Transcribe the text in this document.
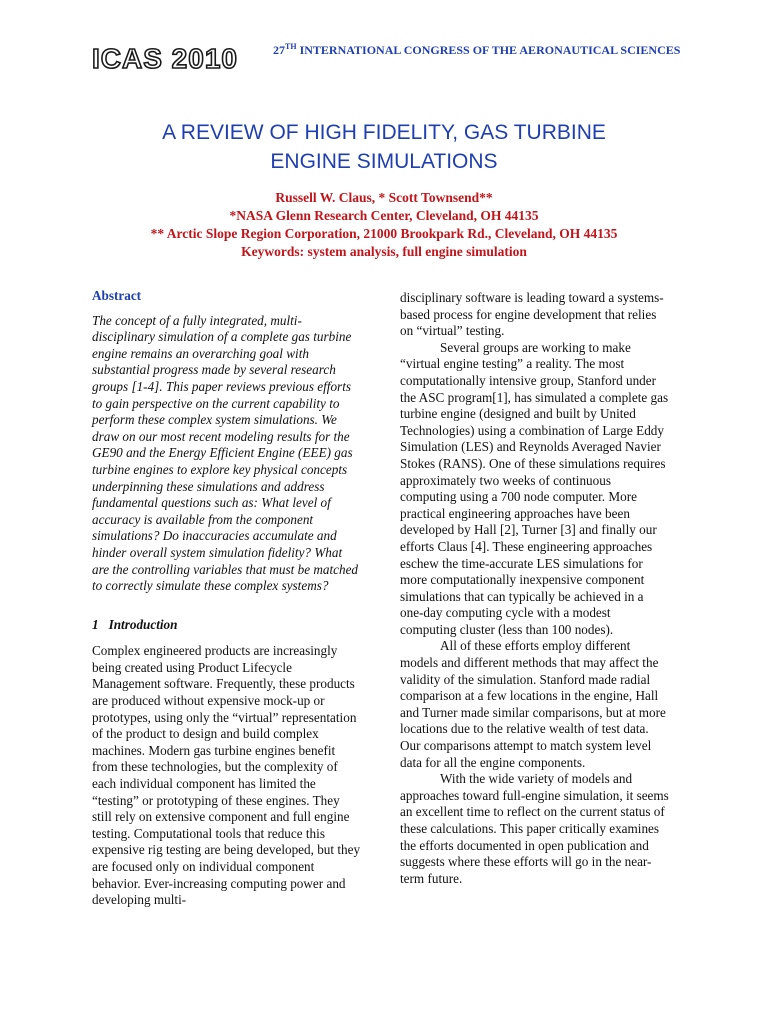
ICAS 2010	27TH INTERNATIONAL CONGRESS OF THE AERONAUTICAL SCIENCES
A REVIEW OF HIGH FIDELITY, GAS TURBINE
ENGINE SIMULATIONS
Russell W. Claus, * Scott Townsend**
*NASA Glenn Research Center, Cleveland, OH 44135
** Arctic Slope Region Corporation, 21000 Brookpark Rd., Cleveland, OH 44135
Keywords: system analysis, full engine simulation
Abstract

The concept of a fully integrated, multi-disciplinary simulation of a complete gas turbine engine remains an overarching goal with substantial progress made by several research groups [1-4]. This paper reviews previous efforts to gain perspective on the current capability to perform these complex system simulations. We draw on our most recent modeling results for the GE90 and the Energy Efficient Engine (EEE) gas turbine engines to explore key physical concepts underpinning these simulations and address fundamental questions such as: What level of accuracy is available from the component simulations? Do inaccuracies accumulate and hinder overall system simulation fidelity? What are the controlling variables that must be matched to correctly simulate these complex systems?

1 Introduction

Complex engineered products are increasingly being created using Product Lifecycle Management software. Frequently, these products are produced without expensive mock-up or prototypes, using only the “virtual” representation of the product to design and build complex machines. Modern gas turbine engines benefit from these technologies, but the complexity of each individual component has limited the “testing” or prototyping of these engines. They still rely on extensive component and full engine testing. Computational tools that reduce this expensive rig testing are being developed, but they are focused only on individual component behavior. Ever-increasing computing power and developing multi-

disciplinary software is leading toward a systems-based process for engine development that relies on “virtual” testing.

Several groups are working to make “virtual engine testing” a reality. The most computationally intensive group, Stanford under the ASC program[1], has simulated a complete gas turbine engine (designed and built by United Technologies) using a combination of Large Eddy Simulation (LES) and Reynolds Averaged Navier Stokes (RANS). One of these simulations requires approximately two weeks of continuous computing using a 700 node computer. More practical engineering approaches have been developed by Hall [2], Turner [3] and finally our efforts Claus [4]. These engineering approaches eschew the time-accurate LES simulations for more computationally inexpensive component simulations that can typically be achieved in a one-day computing cycle with a modest computing cluster (less than 100 nodes).

All of these efforts employ different models and different methods that may affect the validity of the simulation. Stanford made radial comparison at a few locations in the engine, Hall and Turner made similar comparisons, but at more locations due to the relative wealth of test data. Our comparisons attempt to match system level data for all the engine components.

With the wide variety of models and approaches toward full-engine simulation, it seems an excellent time to reflect on the current status of these calculations. This paper critically examines the efforts documented in open publication and suggests where these efforts will go in the near-term future.
